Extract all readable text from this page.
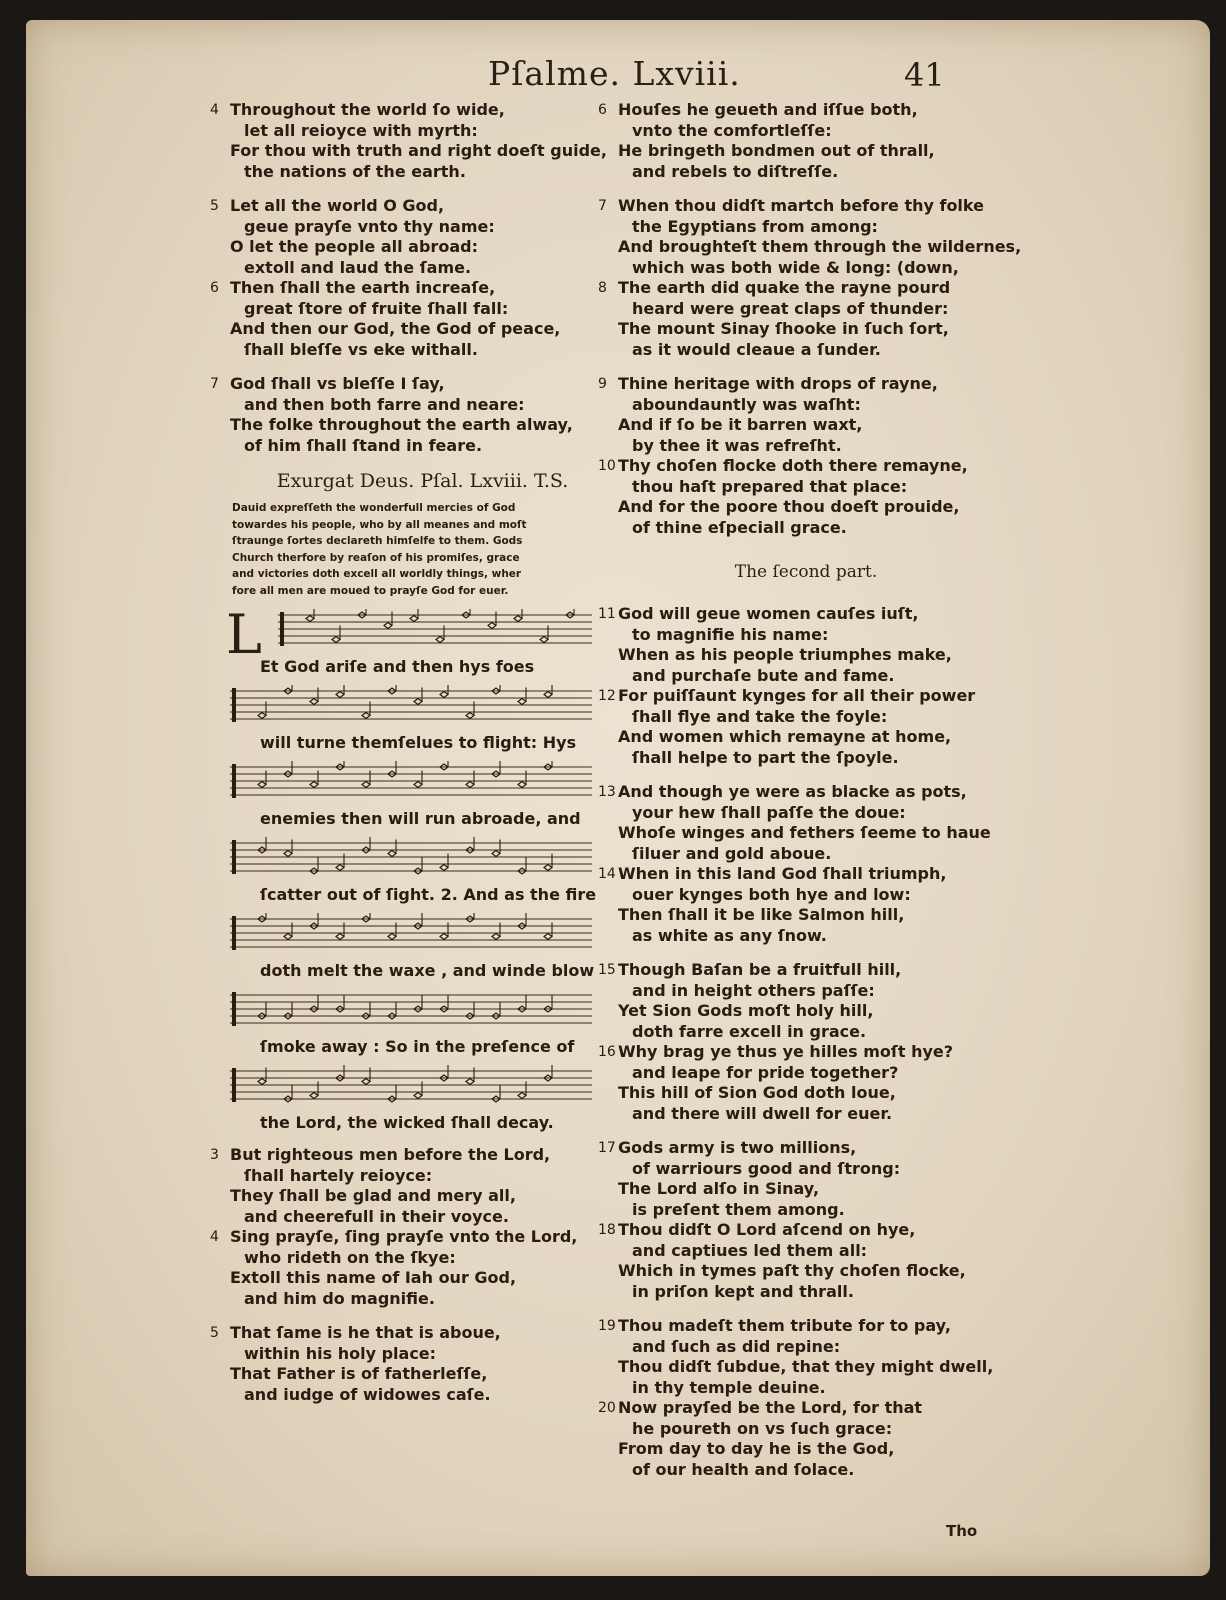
Pſalme. Lxviii.	41
4 Throughout the world ſo wide,
let all reioyce with myrth:
For thou with truth and right doeſt guide,
the nations of the earth.
5 Let all the world O God,
geue prayſe vnto thy name:
O let the people all abroad:
extoll and laud the ſame.
6 Then ſhall the earth increaſe,
great ſtore of fruite ſhall fall:
And then our God, the God of peace,
ſhall bleſſe vs eke withall.
7 God ſhall vs bleſſe I ſay,
and then both farre and neare:
The folke throughout the earth alway,
of him ſhall ſtand in feare.
Exurgat Deus. Pſal. Lxviii. T.S.
Dauid expreſſeth the wonderfull mercies of God
towardes his people, who by all meanes and moſt
ſtraunge ſortes declareth himſelfe to them. Gods
Church therfore by reaſon of his promiſes, grace
and victories doth excell all worldly things, wher
fore all men are moued to prayſe God for euer.
L
Et God ariſe and then hys foes
will turne themſelues to flight: Hys
enemies then will run abroade, and
ſcatter out of ſight. 2. And as the fire
doth melt the waxe , and winde blow
ſmoke away : So in the preſence of
the Lord, the wicked ſhall decay.
3 But righteous men before the Lord,
ſhall hartely reioyce:
They ſhall be glad and mery all,
and cheerefull in their voyce.
4 Sing prayſe, ſing prayſe vnto the Lord,
who rideth on the ſkye:
Extoll this name of Iah our God,
and him do magnifie.
5 That ſame is he that is aboue,
within his holy place:
That Father is of fatherleſſe,
and iudge of widowes caſe.
6 Houſes he geueth and iſſue both,
vnto the comfortleſſe:
He bringeth bondmen out of thrall,
and rebels to diſtreſſe.
7 When thou didſt martch before thy folke
the Egyptians from among:
And broughteſt them through the wildernes,
which was both wide & long: (down,
8 The earth did quake the rayne pourd
heard were great claps of thunder:
The mount Sinay ſhooke in ſuch ſort,
as it would cleaue a ſunder.
9 Thine heritage with drops of rayne,
aboundauntly was waſht:
And if ſo be it barren waxt,
by thee it was refreſht.
10 Thy choſen flocke doth there remayne,
thou haſt prepared that place:
And for the poore thou doeſt prouide,
of thine eſpeciall grace.
The ſecond part.
11 God will geue women cauſes iuſt,
to magnifie his name:
When as his people triumphes make,
and purchaſe bute and fame.
12 For puiſſaunt kynges for all their power
ſhall flye and take the foyle:
And women which remayne at home,
ſhall helpe to part the ſpoyle.
13 And though ye were as blacke as pots,
your hew ſhall paſſe the doue:
Whoſe winges and fethers ſeeme to haue
ſiluer and gold aboue.
14 When in this land God ſhall triumph,
ouer kynges both hye and low:
Then ſhall it be like Salmon hill,
as white as any ſnow.
15 Though Baſan be a fruitfull hill,
and in height others paſſe:
Yet Sion Gods moſt holy hill,
doth farre excell in grace.
16 Why brag ye thus ye hilles moſt hye?
and leape for pride together?
This hill of Sion God doth loue,
and there will dwell for euer.
17 Gods army is two millions,
of warriours good and ſtrong:
The Lord alſo in Sinay,
is preſent them among.
18 Thou didſt O Lord aſcend on hye,
and captiues led them all:
Which in tymes paſt thy choſen flocke,
in priſon kept and thrall.
19 Thou madeſt them tribute for to pay,
and ſuch as did repine:
Thou didſt ſubdue, that they might dwell,
in thy temple deuine.
20 Now prayſed be the Lord, for that
he poureth on vs ſuch grace:
From day to day he is the God,
of our health and ſolace.
Tho
